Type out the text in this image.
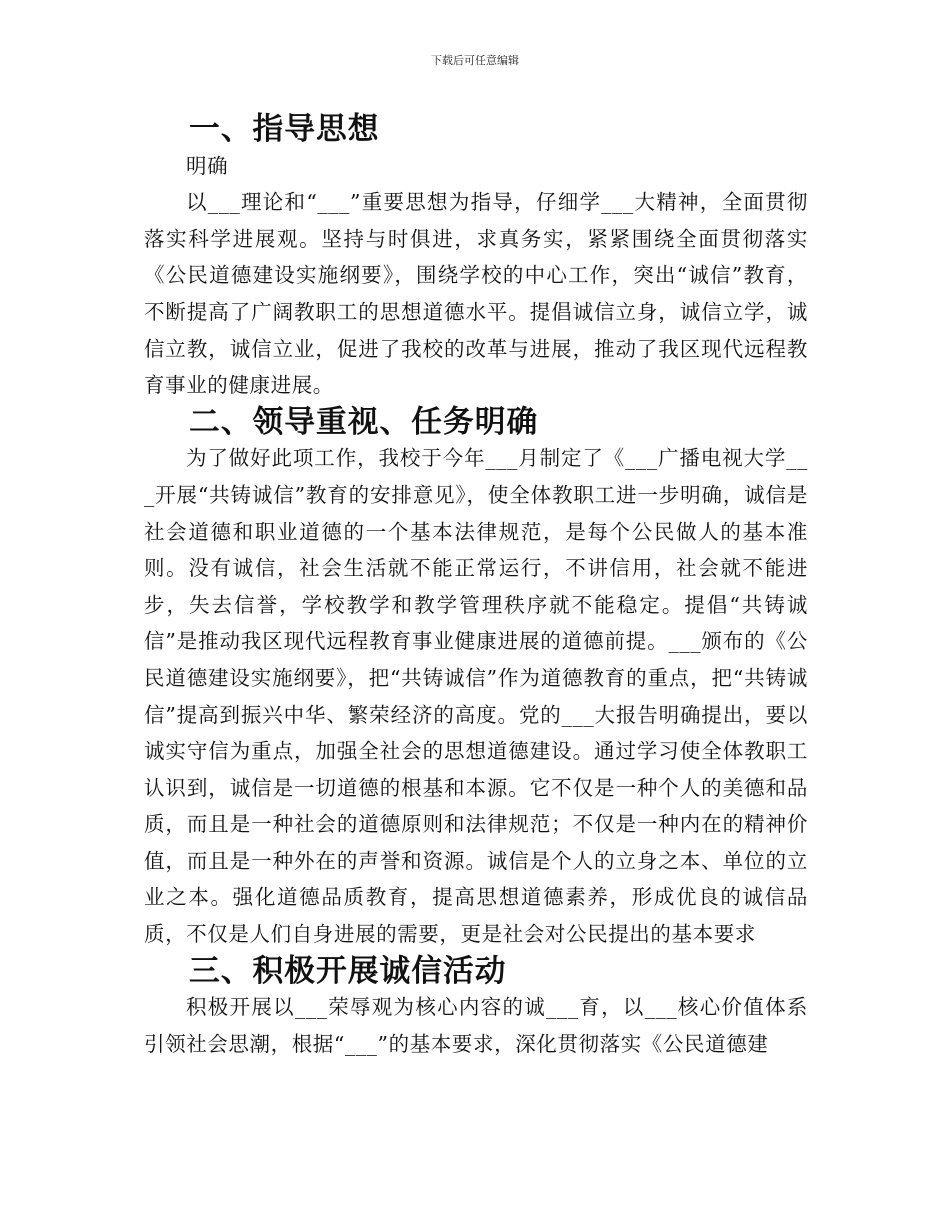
下载后可任意编辑
一、指导思想

明确

以___理论和“___”重要思想为指导，仔细学___大精神，全面贯彻落实科学进展观。坚持与时俱进，求真务实，紧紧围绕全面贯彻落实《公民道德建设实施纲要》，围绕学校的中心工作，突出“诚信”教育，不断提高了广阔教职工的思想道德水平。提倡诚信立身，诚信立学，诚信立教，诚信立业，促进了我校的改革与进展，推动了我区现代远程教育事业的健康进展。

二、领导重视、任务明确

为了做好此项工作，我校于今年___月制定了《___广播电视大学___开展“共铸诚信”教育的安排意见》，使全体教职工进一步明确，诚信是社会道德和职业道德的一个基本法律规范，是每个公民做人的基本准则。没有诚信，社会生活就不能正常运行，不讲信用，社会就不能进步，失去信誉，学校教学和教学管理秩序就不能稳定。提倡“共铸诚信”是推动我区现代远程教育事业健康进展的道德前提。___颁布的《公民道德建设实施纲要》，把“共铸诚信”作为道德教育的重点，把“共铸诚信”提高到振兴中华、繁荣经济的高度。党的___大报告明确提出，要以诚实守信为重点，加强全社会的思想道德建设。通过学习使全体教职工认识到，诚信是一切道德的根基和本源。它不仅是一种个人的美德和品质，而且是一种社会的道德原则和法律规范；不仅是一种内在的精神价值，而且是一种外在的声誉和资源。诚信是个人的立身之本、单位的立业之本。强化道德品质教育，提高思想道德素养，形成优良的诚信品质，不仅是人们自身进展的需要，更是社会对公民提出的基本要求

三、积极开展诚信活动

积极开展以___荣辱观为核心内容的诚___育，以___核心价值体系引领社会思潮，根据“___”的基本要求，深化贯彻落实《公民道德建
